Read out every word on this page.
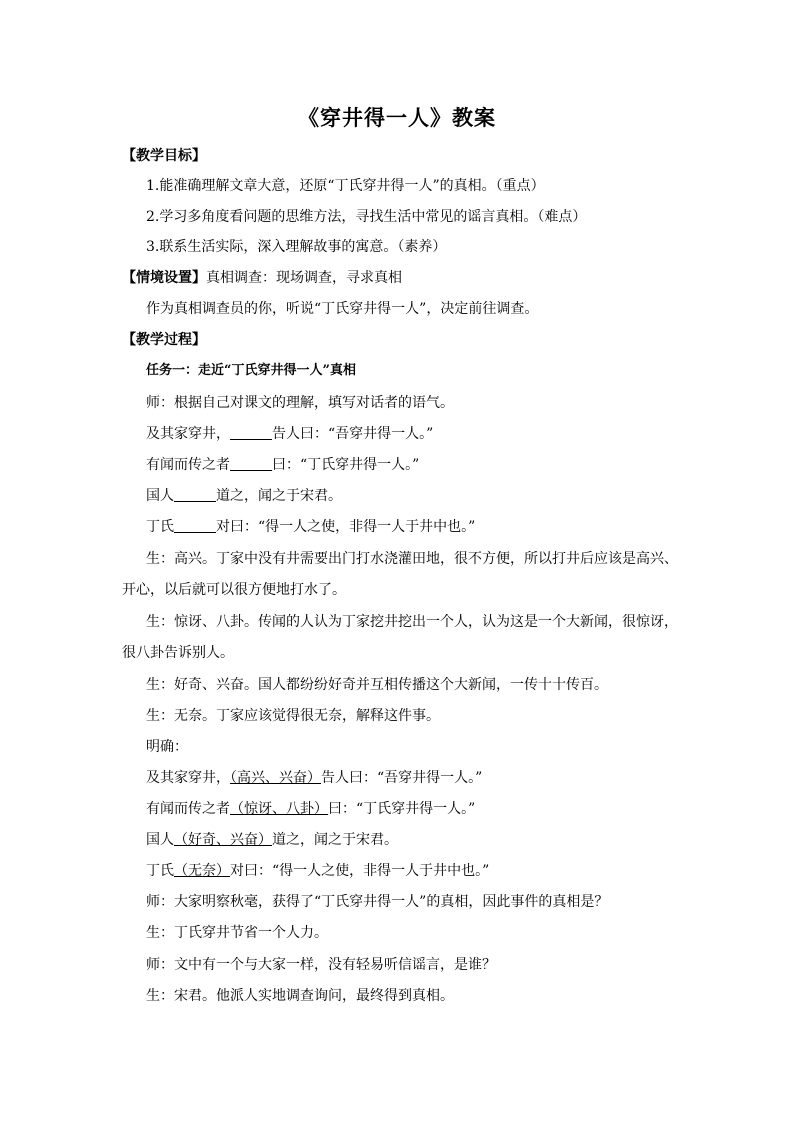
《穿井得一人》教案
【教学目标】
1.能准确理解文章大意，还原“丁氏穿井得一人”的真相。（重点）
2.学习多角度看问题的思维方法，寻找生活中常见的谣言真相。（难点）
3.联系生活实际，深入理解故事的寓意。（素养）
【情境设置】真相调查：现场调查，寻求真相
作为真相调查员的你，听说“丁氏穿井得一人”，决定前往调查。
【教学过程】
任务一：走近“丁氏穿井得一人”真相
师：根据自己对课文的理解，填写对话者的语气。
及其家穿井，	告人曰：“吾穿井得一人。”
有闻而传之者	曰：“丁氏穿井得一人。”
国人	道之，闻之于宋君。
丁氏	对曰：“得一人之使，非得一人于井中也。”
生：高兴。丁家中没有井需要出门打水浇灌田地，很不方便，所以打井后应该是高兴、
开心，以后就可以很方便地打水了。
生：惊讶、八卦。传闻的人认为丁家挖井挖出一个人，认为这是一个大新闻，很惊讶，
很八卦告诉别人。
生：好奇、兴奋。国人都纷纷好奇并互相传播这个大新闻，一传十十传百。
生：无奈。丁家应该觉得很无奈，解释这件事。
明确：
及其家穿井，（高兴、兴奋）告人曰：“吾穿井得一人。”
有闻而传之者（惊讶、八卦）曰：“丁氏穿井得一人。”
国人（好奇、兴奋）道之，闻之于宋君。
丁氏（无奈）对曰：“得一人之使，非得一人于井中也。”
师：大家明察秋毫，获得了“丁氏穿井得一人”的真相，因此事件的真相是？
生：丁氏穿井节省一个人力。
师：文中有一个与大家一样，没有轻易听信谣言，是谁？
生：宋君。他派人实地调查询问，最终得到真相。
